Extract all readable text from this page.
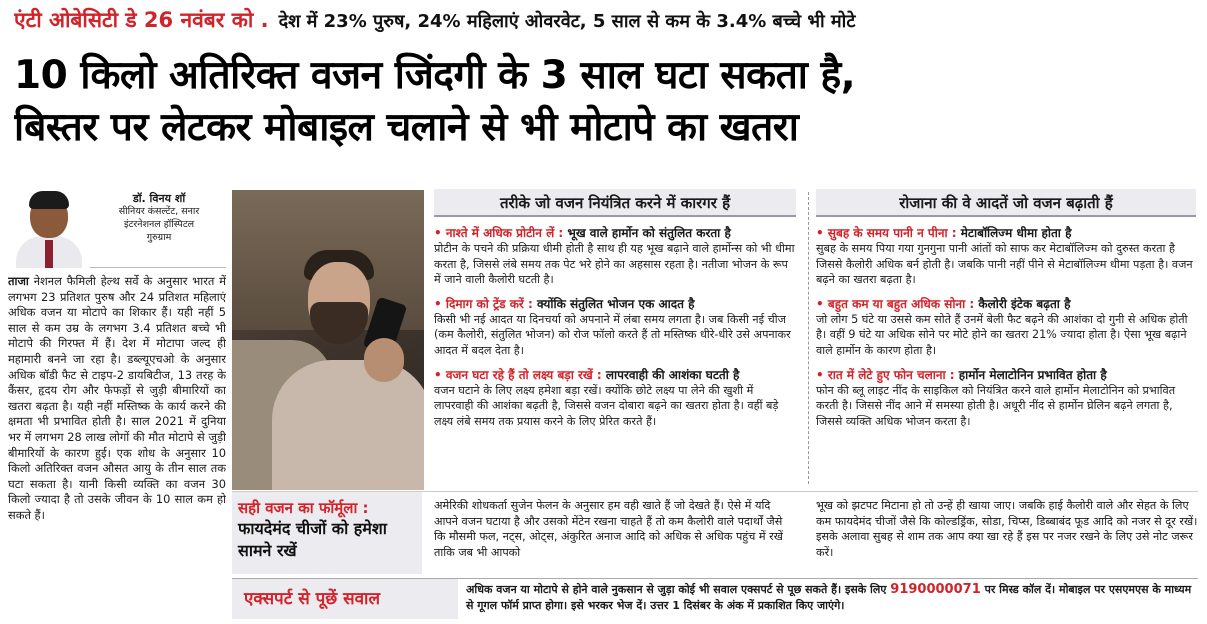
एंटी ओबेसिटी डे 26 नवंबर को . देश में 23% पुरुष, 24% महिलाएं ओवरवेट, 5 साल से कम के 3.4% बच्चे भी मोटे
10 किलो अतिरिक्त वजन जिंदगी के 3 साल घटा सकता है,
बिस्तर पर लेटकर मोबाइल चलाने से भी मोटापे का खतरा
डॉ. विनय शॉ
सीनियर कंसल्टेंट, सनार
इंटरनेशनल हॉस्पिटल
गुरुग्राम
ताजा नेशनल फैमिली हेल्थ सर्वे के अनुसार भारत में लगभग 23 प्रतिशत पुरुष और 24 प्रतिशत महिलाएं अधिक वजन या मोटापे का शिकार हैं। यही नहीं 5 साल से कम उम्र के लगभग 3.4 प्रतिशत बच्चे भी मोटापे की गिरफ्त में हैं। देश में मोटापा जल्द ही महामारी बनने जा रहा है। डब्ल्यूएचओ के अनुसार अधिक बॉडी फैट से टाइप-2 डायबिटीज, 13 तरह के कैंसर, हृदय रोग और फेफड़ों से जुड़ी बीमारियों का खतरा बढ़ता है। यही नहीं मस्तिष्क के कार्य करने की क्षमता भी प्रभावित होती है। साल 2021 में दुनिया भर में लगभग 28 लाख लोगों की मौत मोटापे से जुड़ी बीमारियों के कारण हुई। एक शोध के अनुसार 10 किलो अतिरिक्त वजन औसत आयु के तीन साल तक घटा सकता है। यानी किसी व्यक्ति का वजन 30 किलो ज्यादा है तो उसके जीवन के 10 साल कम हो सकते हैं।
तरीके जो वजन नियंत्रित करने में कारगर हैं
• नाश्ते में अधिक प्रोटीन लें : भूख वाले हार्मोन को संतुलित करता है
प्रोटीन के पचने की प्रक्रिया धीमी होती है साथ ही यह भूख बढ़ाने वाले हार्मोन्स को भी धीमा करता है, जिससे लंबे समय तक पेट भरे होने का अहसास रहता है। नतीजा भोजन के रूप में जाने वाली कैलोरी घटती है।
• दिमाग को ट्रेंड करें : क्योंकि संतुलित भोजन एक आदत है
किसी भी नई आदत या दिनचर्या को अपनाने में लंबा समय लगता है। जब किसी नई चीज (कम कैलोरी, संतुलित भोजन) को रोज फॉलो करते हैं तो मस्तिष्क धीरे-धीरे उसे अपनाकर आदत में बदल देता है।
• वजन घटा रहे हैं तो लक्ष्य बड़ा रखें : लापरवाही की आशंका घटती है
वजन घटाने के लिए लक्ष्य हमेशा बड़ा रखें। क्योंकि छोटे लक्ष्य पा लेने की खुशी में लापरवाही की आशंका बढ़ती है, जिससे वजन दोबारा बढ़ने का खतरा होता है। वहीं बड़े लक्ष्य लंबे समय तक प्रयास करने के लिए प्रेरित करते हैं।
रोजाना की वे आदतें जो वजन बढ़ाती हैं
• सुबह के समय पानी न पीना : मेटाबॉलिज्म धीमा होता है
सुबह के समय पिया गया गुनगुना पानी आंतों को साफ कर मेटाबॉलिज्म को दुरुस्त करता है जिससे कैलोरी अधिक बर्न होती है। जबकि पानी नहीं पीने से मेटाबॉलिज्म धीमा पड़ता है। वजन बढ़ने का खतरा बढ़ता है।
• बहुत कम या बहुत अधिक सोना : कैलोरी इंटेक बढ़ता है
जो लोग 5 घंटे या उससे कम सोते हैं उनमें बेली फैट बढ़ने की आशंका दो गुनी से अधिक होती है। वहीं 9 घंटे या अधिक सोने पर मोटे होने का खतरा 21% ज्यादा होता है। ऐसा भूख बढ़ाने वाले हार्मोन के कारण होता है।
• रात में लेटे हुए फोन चलाना : हार्मोन मेलाटोनिन प्रभावित होता है
फोन की ब्लू लाइट नींद के साइकिल को नियंत्रित करने वाले हार्मोन मेलाटोनिन को प्रभावित करती है। जिससे नींद आने में समस्या होती है। अधूरी नींद से हार्मोन घ्रेलिन बढ़ने लगता है, जिससे व्यक्ति अधिक भोजन करता है।
सही वजन का फॉर्मूला :
फायदेमंद चीजों को हमेशा सामने रखें
अमेरिकी शोधकर्ता सुजेन फेलन के अनुसार हम वही खाते हैं जो देखते हैं। ऐसे में यदि आपने वजन घटाया है और उसको मेंटेन रखना चाहते हैं तो कम कैलोरी वाले पदार्थों जैसे कि मौसमी फल, नट्स, ओट्स, अंकुरित अनाज आदि को अधिक से अधिक पहुंच में रखें ताकि जब भी आपको
भूख को झटपट मिटाना हो तो उन्हें ही खाया जाए। जबकि हाई कैलोरी वाले और सेहत के लिए कम फायदेमंद चीजों जैसे कि कोल्डड्रिंक, सोडा, चिप्स, डिब्बाबंद फूड आदि को नजर से दूर रखें। इसके अलावा सुबह से शाम तक आप क्या खा रहे हैं इस पर नजर रखने के लिए उसे नोट जरूर करें।
एक्सपर्ट से पूछें सवाल	अधिक वजन या मोटापे से होने वाले नुकसान से जुड़ा कोई भी सवाल एक्सपर्ट से पूछ सकते हैं। इसके लिए 9190000071 पर मिस्ड कॉल दें। मोबाइल पर एसएमएस के माध्यम से गूगल फॉर्म प्राप्त होगा। इसे भरकर भेज दें। उत्तर 1 दिसंबर के अंक में प्रकाशित किए जाएंगे।
